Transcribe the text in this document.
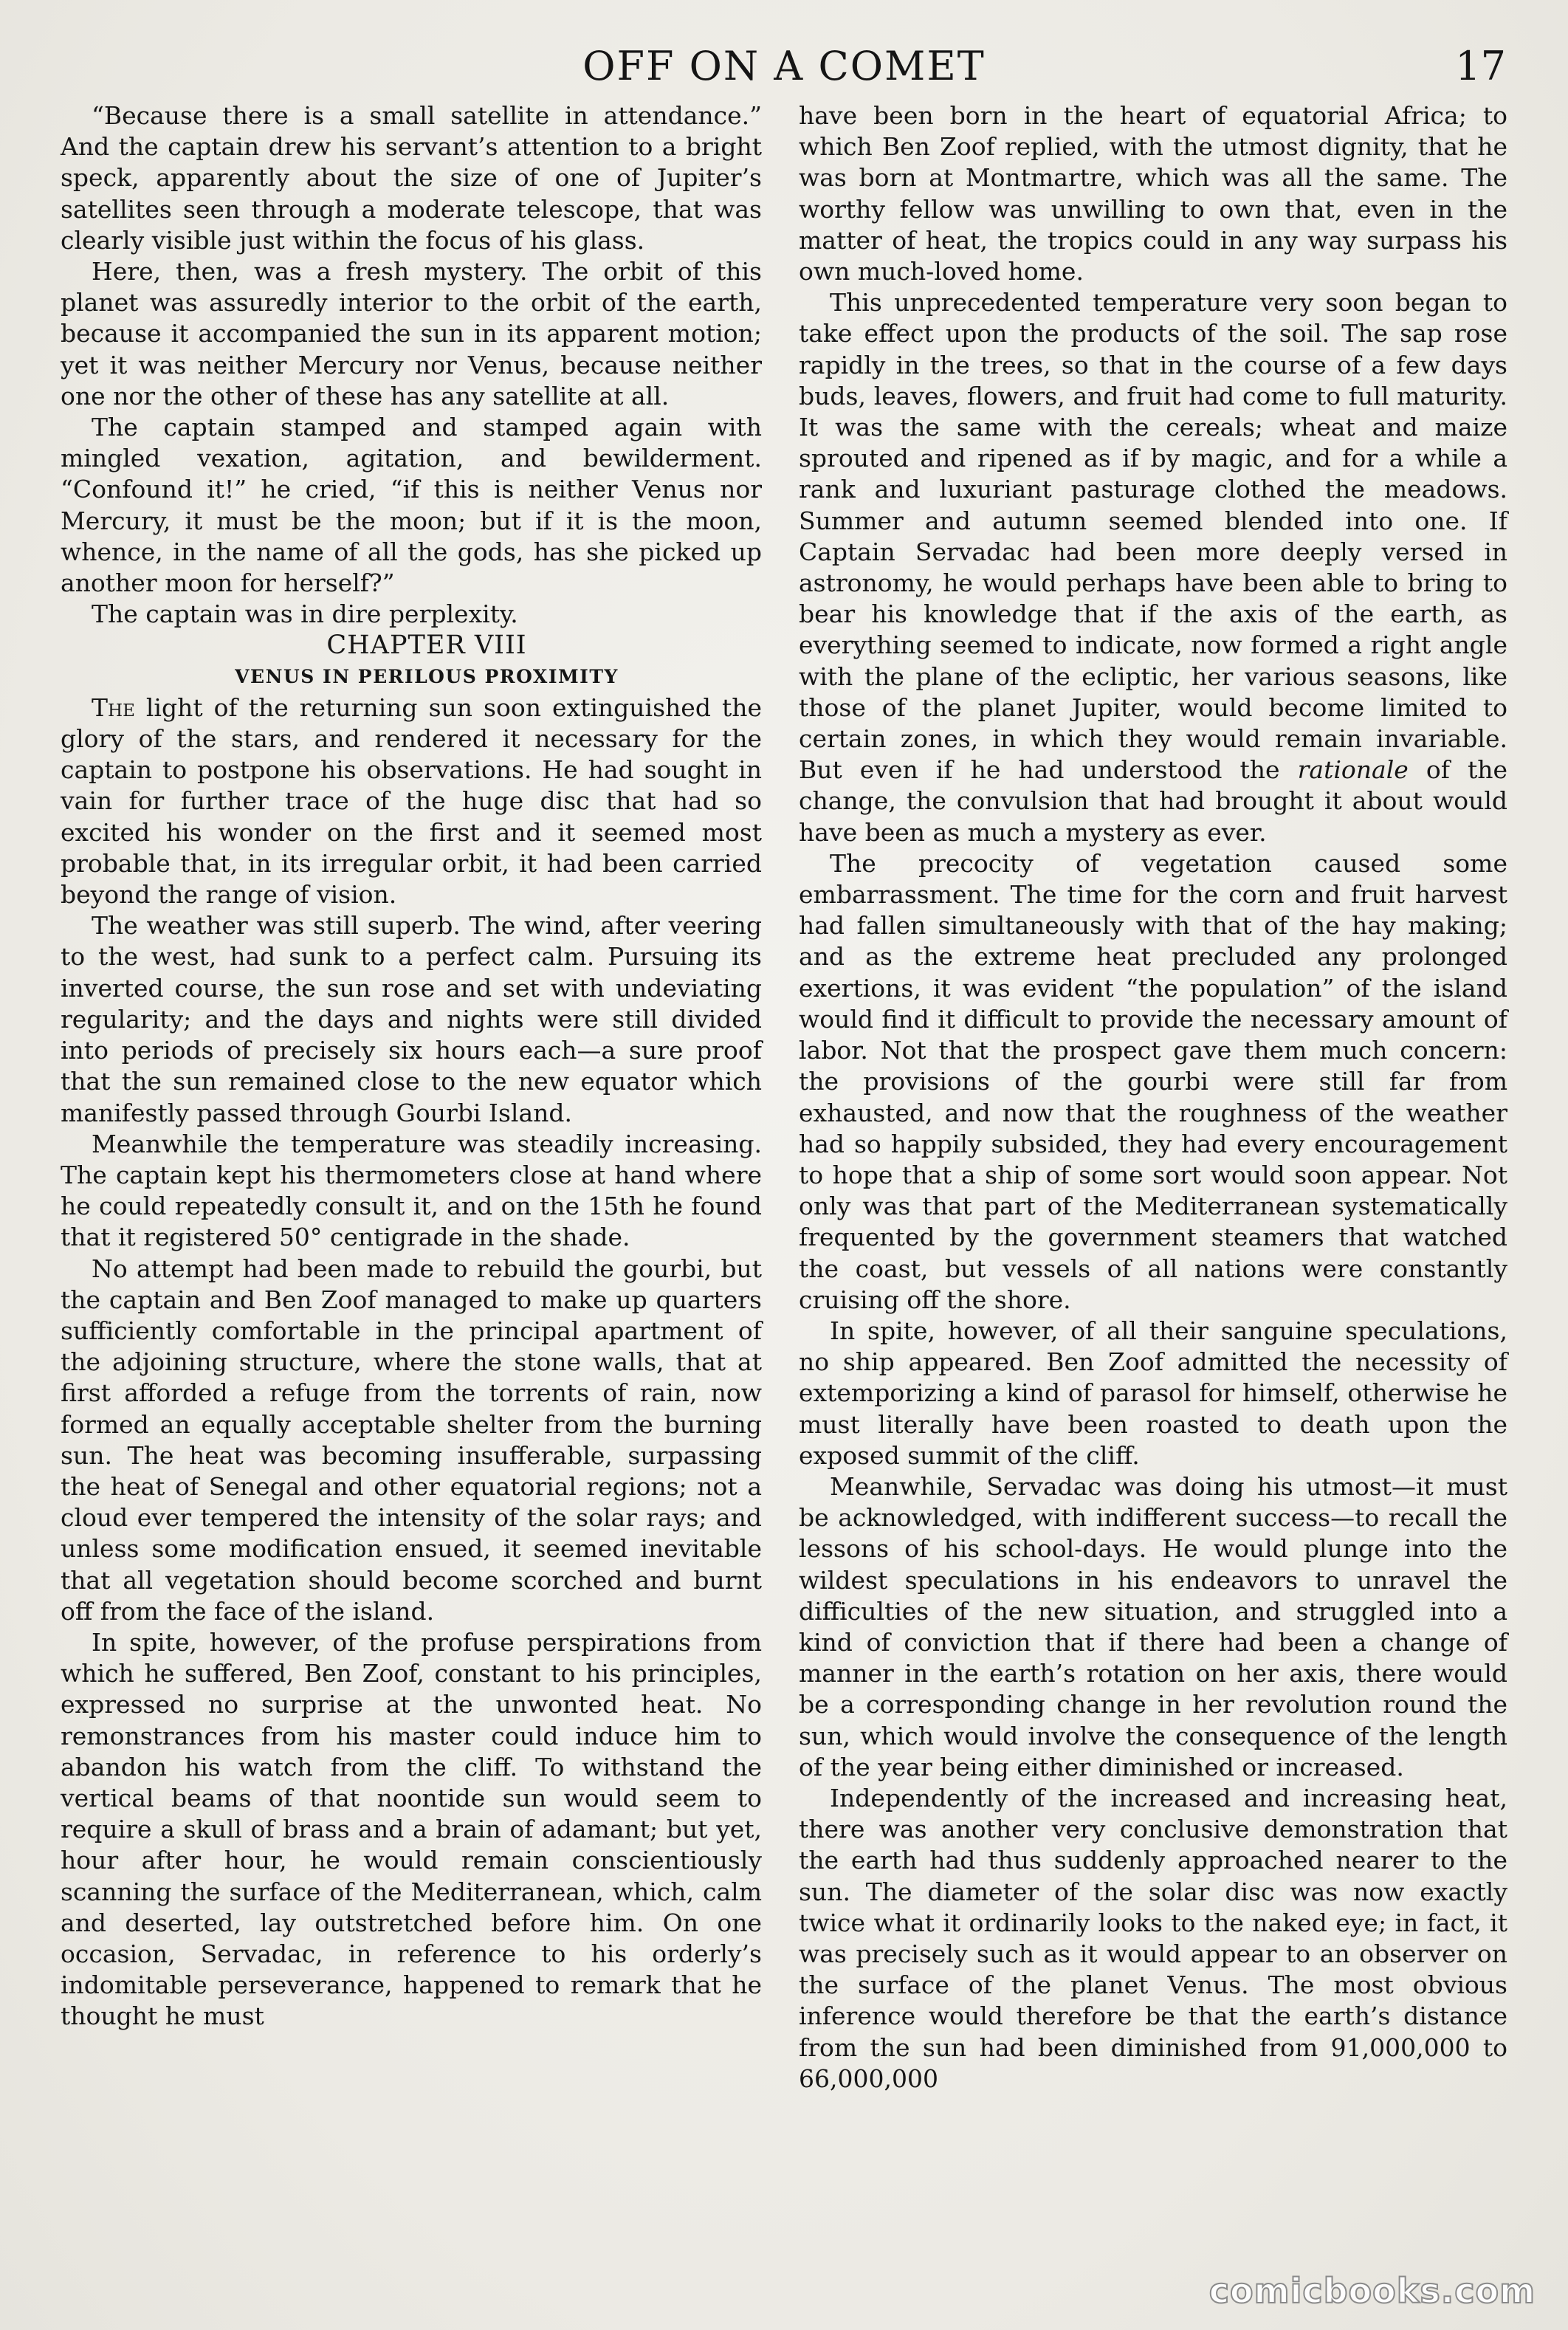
OFF ON A COMET	17

“Because there is a small satellite in attendance.” And the captain drew his servant’s attention to a bright speck, apparently about the size of one of Jupiter’s satellites seen through a moderate telescope, that was clearly visible just within the focus of his glass.

Here, then, was a fresh mystery. The orbit of this planet was assuredly interior to the orbit of the earth, because it accompanied the sun in its apparent motion; yet it was neither Mercury nor Venus, because neither one nor the other of these has any satellite at all.

The captain stamped and stamped again with mingled vexation, agitation, and bewilderment. “Confound it!” he cried, “if this is neither Venus nor Mercury, it must be the moon; but if it is the moon, whence, in the name of all the gods, has she picked up another moon for herself?”

The captain was in dire perplexity.

CHAPTER VIII

VENUS IN PERILOUS PROXIMITY

The light of the returning sun soon extinguished the glory of the stars, and rendered it necessary for the captain to postpone his observations. He had sought in vain for further trace of the huge disc that had so excited his wonder on the first and it seemed most probable that, in its irregular orbit, it had been carried beyond the range of vision.

The weather was still superb. The wind, after veering to the west, had sunk to a perfect calm. Pursuing its inverted course, the sun rose and set with undeviating regularity; and the days and nights were still divided into periods of precisely six hours each—a sure proof that the sun remained close to the new equator which manifestly passed through Gourbi Island.

Meanwhile the temperature was steadily increasing. The captain kept his thermometers close at hand where he could repeatedly consult it, and on the 15th he found that it registered 50° centigrade in the shade.

No attempt had been made to rebuild the gourbi, but the captain and Ben Zoof managed to make up quarters sufficiently comfortable in the principal apartment of the adjoining structure, where the stone walls, that at first afforded a refuge from the torrents of rain, now formed an equally acceptable shelter from the burning sun. The heat was becoming insufferable, surpassing the heat of Senegal and other equatorial regions; not a cloud ever tempered the intensity of the solar rays; and unless some modification ensued, it seemed inevitable that all vegetation should become scorched and burnt off from the face of the island.

In spite, however, of the profuse perspirations from which he suffered, Ben Zoof, constant to his principles, expressed no surprise at the unwonted heat. No remonstrances from his master could induce him to abandon his watch from the cliff. To withstand the vertical beams of that noontide sun would seem to require a skull of brass and a brain of adamant; but yet, hour after hour, he would remain conscientiously scanning the surface of the Mediterranean, which, calm and deserted, lay outstretched before him. On one occasion, Servadac, in reference to his orderly’s indomitable perseverance, happened to remark that he thought he must

have been born in the heart of equatorial Africa; to which Ben Zoof replied, with the utmost dignity, that he was born at Montmartre, which was all the same. The worthy fellow was unwilling to own that, even in the matter of heat, the tropics could in any way surpass his own much-loved home.

This unprecedented temperature very soon began to take effect upon the products of the soil. The sap rose rapidly in the trees, so that in the course of a few days buds, leaves, flowers, and fruit had come to full maturity. It was the same with the cereals; wheat and maize sprouted and ripened as if by magic, and for a while a rank and luxuriant pasturage clothed the meadows. Summer and autumn seemed blended into one. If Captain Servadac had been more deeply versed in astronomy, he would perhaps have been able to bring to bear his knowledge that if the axis of the earth, as everything seemed to indicate, now formed a right angle with the plane of the ecliptic, her various seasons, like those of the planet Jupiter, would become limited to certain zones, in which they would remain invariable. But even if he had understood the rationale of the change, the convulsion that had brought it about would have been as much a mystery as ever.

The precocity of vegetation caused some embarrassment. The time for the corn and fruit harvest had fallen simultaneously with that of the hay making; and as the extreme heat precluded any prolonged exertions, it was evident “the population” of the island would find it difficult to provide the necessary amount of labor. Not that the prospect gave them much concern: the provisions of the gourbi were still far from exhausted, and now that the roughness of the weather had so happily subsided, they had every encouragement to hope that a ship of some sort would soon appear. Not only was that part of the Mediterranean systematically frequented by the government steamers that watched the coast, but vessels of all nations were constantly cruising off the shore.

In spite, however, of all their sanguine speculations, no ship appeared. Ben Zoof admitted the necessity of extemporizing a kind of parasol for himself, otherwise he must literally have been roasted to death upon the exposed summit of the cliff.

Meanwhile, Servadac was doing his utmost—it must be acknowledged, with indifferent success—to recall the lessons of his school-days. He would plunge into the wildest speculations in his endeavors to unravel the difficulties of the new situation, and struggled into a kind of conviction that if there had been a change of manner in the earth’s rotation on her axis, there would be a corresponding change in her revolution round the sun, which would involve the consequence of the length of the year being either diminished or increased.

Independently of the increased and increasing heat, there was another very conclusive demonstration that the earth had thus suddenly approached nearer to the sun. The diameter of the solar disc was now exactly twice what it ordinarily looks to the naked eye; in fact, it was precisely such as it would appear to an observer on the surface of the planet Venus. The most obvious inference would therefore be that the earth’s distance from the sun had been diminished from 91,000,000 to 66,000,000

comicbooks.com
